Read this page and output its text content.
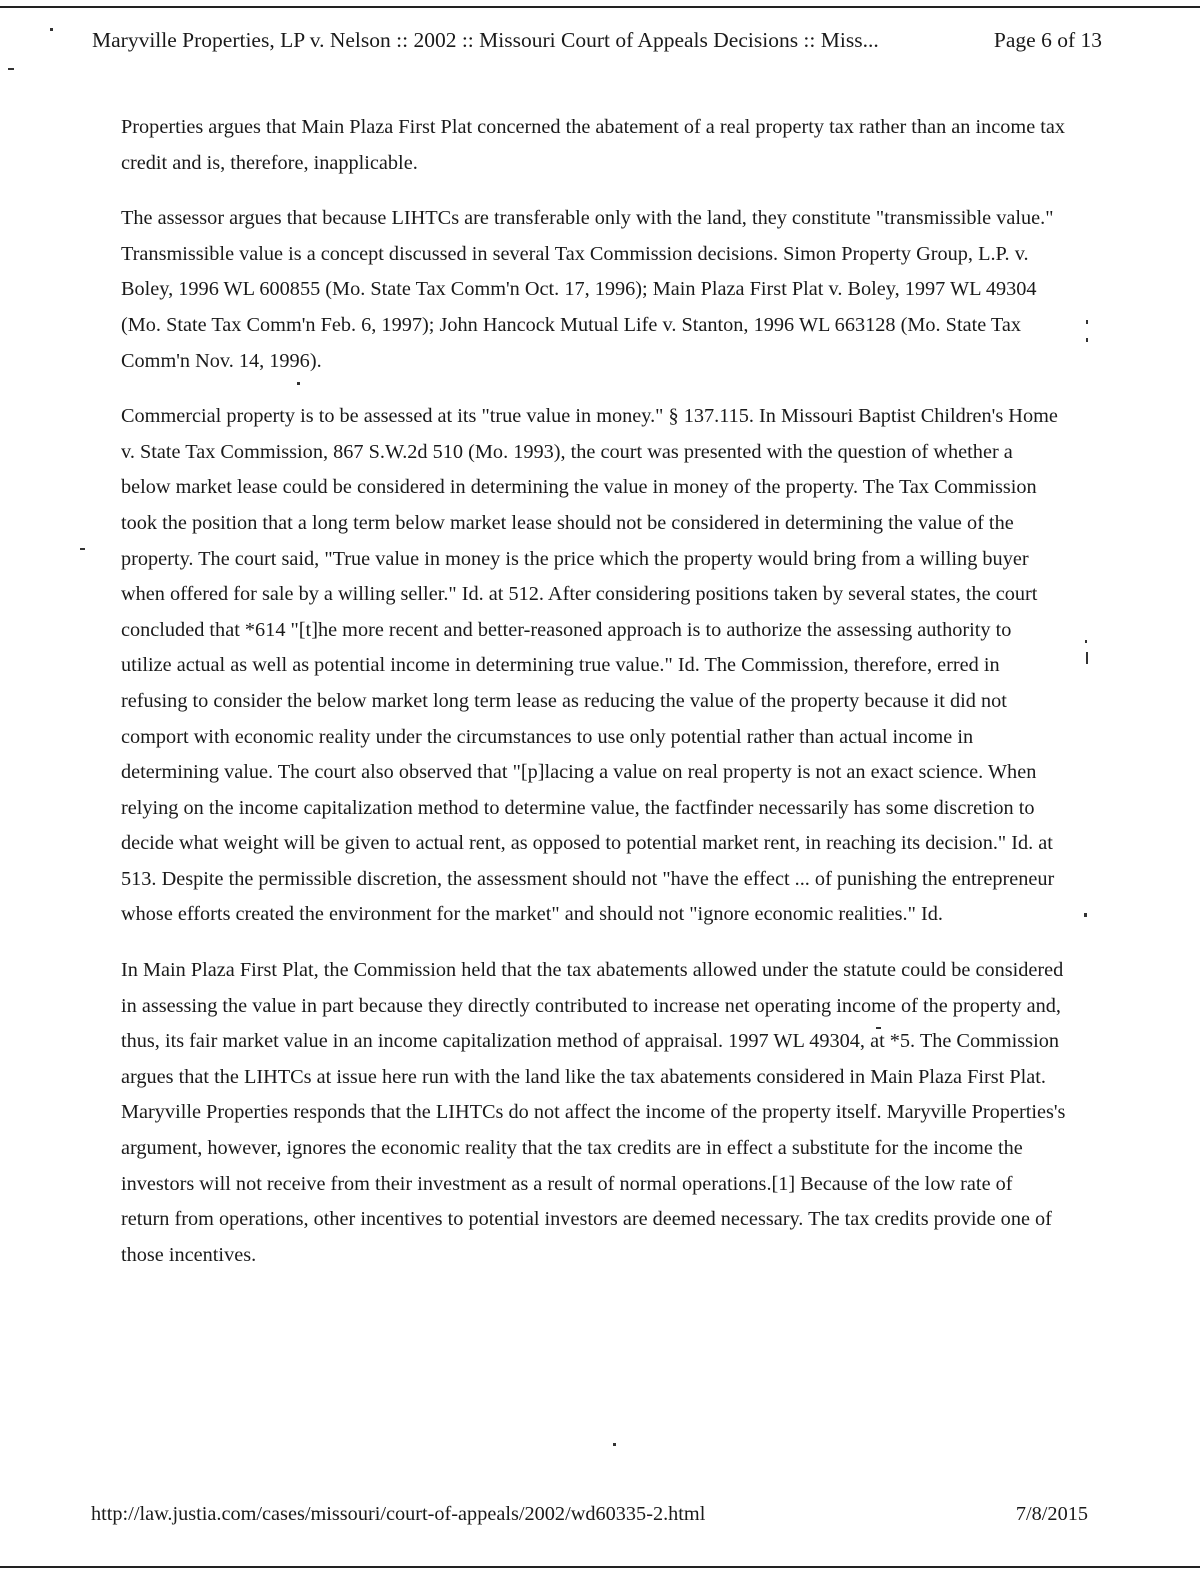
Maryville Properties, LP v. Nelson :: 2002 :: Missouri Court of Appeals Decisions :: Miss...	Page 6 of 13

Properties argues that Main Plaza First Plat concerned the abatement of a real property tax rather than an income tax credit and is, therefore, inapplicable.

The assessor argues that because LIHTCs are transferable only with the land, they constitute "transmissible value." Transmissible value is a concept discussed in several Tax Commission decisions. Simon Property Group, L.P. v. Boley, 1996 WL 600855 (Mo. State Tax Comm'n Oct. 17, 1996); Main Plaza First Plat v. Boley, 1997 WL 49304 (Mo. State Tax Comm'n Feb. 6, 1997); John Hancock Mutual Life v. Stanton, 1996 WL 663128 (Mo. State Tax Comm'n Nov. 14, 1996).

Commercial property is to be assessed at its "true value in money." § 137.115. In Missouri Baptist Children's Home v. State Tax Commission, 867 S.W.2d 510 (Mo. 1993), the court was presented with the question of whether a below market lease could be considered in determining the value in money of the property. The Tax Commission took the position that a long term below market lease should not be considered in determining the value of the property. The court said, "True value in money is the price which the property would bring from a willing buyer when offered for sale by a willing seller." Id. at 512. After considering positions taken by several states, the court concluded that *614 "[t]he more recent and better-reasoned approach is to authorize the assessing authority to utilize actual as well as potential income in determining true value." Id. The Commission, therefore, erred in refusing to consider the below market long term lease as reducing the value of the property because it did not comport with economic reality under the circumstances to use only potential rather than actual income in determining value. The court also observed that "[p]lacing a value on real property is not an exact science. When relying on the income capitalization method to determine value, the factfinder necessarily has some discretion to decide what weight will be given to actual rent, as opposed to potential market rent, in reaching its decision." Id. at 513. Despite the permissible discretion, the assessment should not "have the effect ... of punishing the entrepreneur whose efforts created the environment for the market" and should not "ignore economic realities." Id.

In Main Plaza First Plat, the Commission held that the tax abatements allowed under the statute could be considered in assessing the value in part because they directly contributed to increase net operating income of the property and, thus, its fair market value in an income capitalization method of appraisal. 1997 WL 49304, at *5. The Commission argues that the LIHTCs at issue here run with the land like the tax abatements considered in Main Plaza First Plat. Maryville Properties responds that the LIHTCs do not affect the income of the property itself. Maryville Properties's argument, however, ignores the economic reality that the tax credits are in effect a substitute for the income the investors will not receive from their investment as a result of normal operations.[1] Because of the low rate of return from operations, other incentives to potential investors are deemed necessary. The tax credits provide one of those incentives.

http://law.justia.com/cases/missouri/court-of-appeals/2002/wd60335-2.html	7/8/2015
